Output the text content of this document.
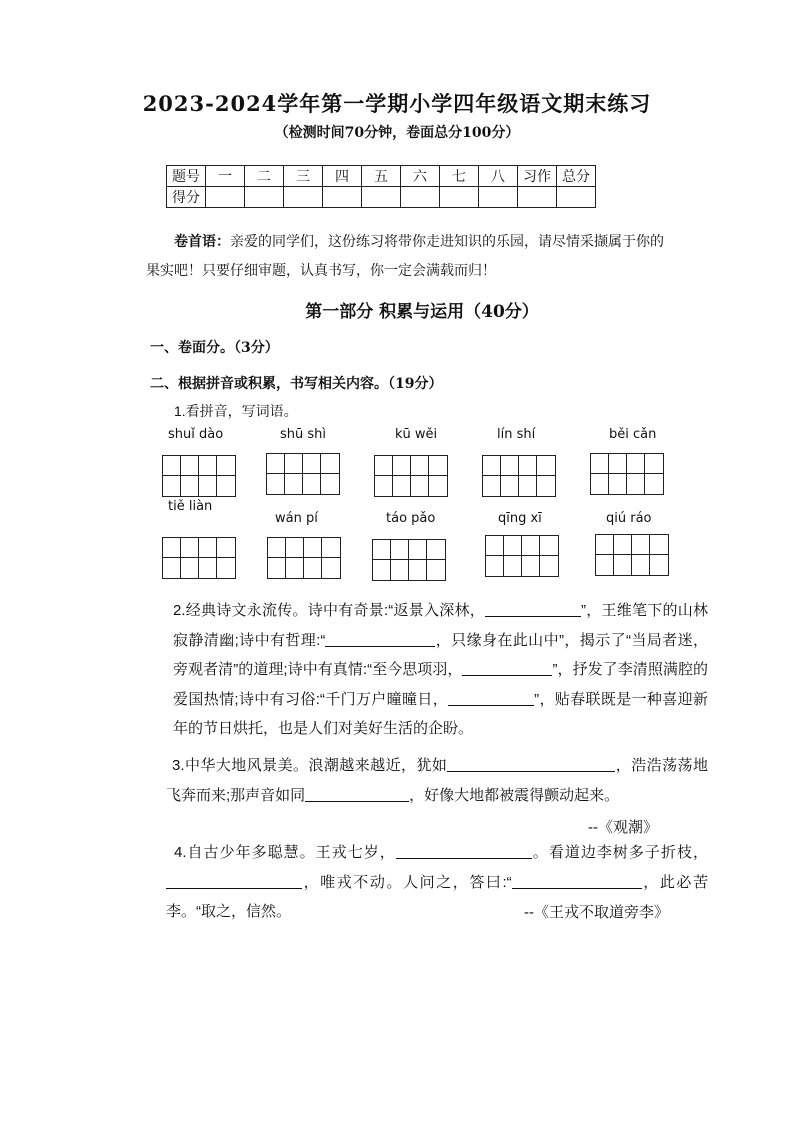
2023-2024学年第一学期小学四年级语文期末练习
（检测时间70分钟，卷面总分100分）
题号	一	二	三	四	五	六	七	八	习作	总分
得分										
卷首语：亲爱的同学们，这份练习将带你走进知识的乐园，请尽情采撷属于你的果实吧！只要仔细审题，认真书写，你一定会满载而归！
第一部分 积累与运用（40分）
一、卷面分。（3分）
二、根据拼音或积累，书写相关内容。（19分）
1.看拼音，写词语。
shuǐ dào	shū shì	kū wěi	lín shí	běi cǎn
tiě liàn
wán pí	táo pǎo	qīng xī	qiú ráo
2.经典诗文永流传。诗中有奇景:“返景入深林，	”，王维笔下的山林寂静清幽;诗中有哲理:“	，只缘身在此山中”，揭示了“当局者迷，旁观者清”的道理;诗中有真情:“至今思项羽，	”，抒发了李清照满腔的爱国热情;诗中有习俗:“千门万户曈曈日，	”，贴春联既是一种喜迎新年的节日烘托，也是人们对美好生活的企盼。
3.中华大地风景美。浪潮越来越近，犹如	，浩浩荡荡地飞奔而来;那声音如同	，好像大地都被震得颤动起来。
--《观潮》
4.自古少年多聪慧。王戎七岁，	。看道边李树多子折枝，，唯戎不动。人问之，答曰:“	，此必苦李。“取之，信然。	--《王戎不取道旁李》
